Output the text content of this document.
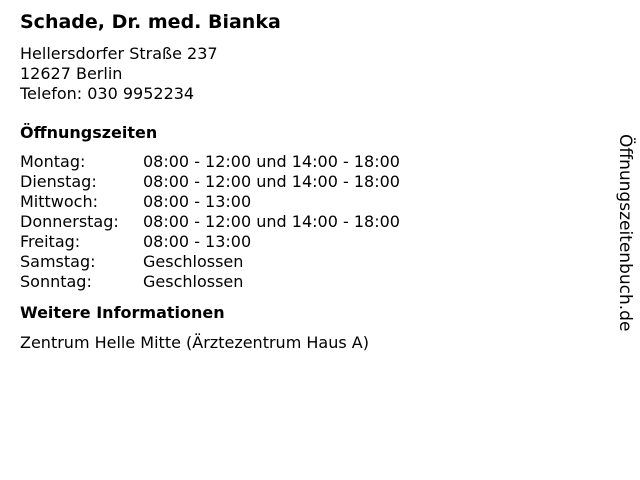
Schade, Dr. med. Bianka
Hellersdorfer Straße 237
12627 Berlin
Telefon: 030 9952234
Öffnungszeiten
Montag:	08:00 - 12:00 und 14:00 - 18:00
Dienstag:	08:00 - 12:00 und 14:00 - 18:00
Mittwoch:	08:00 - 13:00
Donnerstag:	08:00 - 12:00 und 14:00 - 18:00
Freitag:	08:00 - 13:00
Samstag:	Geschlossen
Sonntag:	Geschlossen
Weitere Informationen
Zentrum Helle Mitte (Ärztezentrum Haus A)
Öffnungszeitenbuch.de
